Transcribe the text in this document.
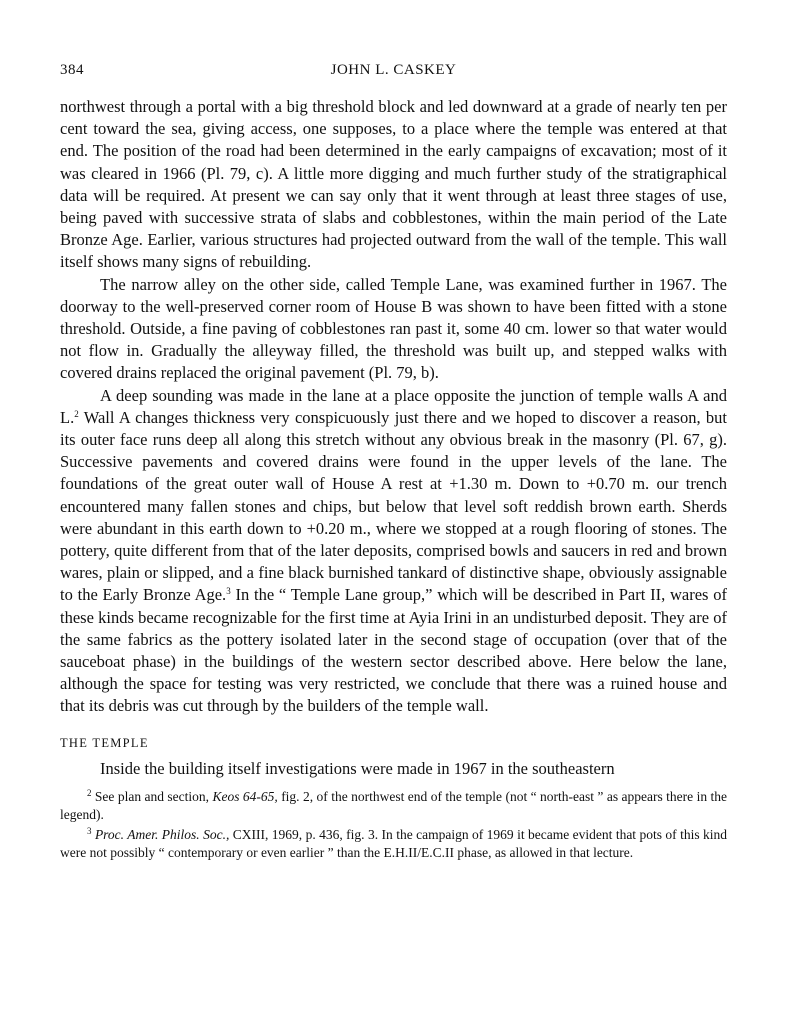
384	JOHN L. CASKEY

northwest through a portal with a big threshold block and led downward at a grade of nearly ten per cent toward the sea, giving access, one supposes, to a place where the temple was entered at that end. The position of the road had been determined in the early campaigns of excavation; most of it was cleared in 1966 (Pl. 79, c). A little more digging and much further study of the stratigraphical data will be required. At present we can say only that it went through at least three stages of use, being paved with successive strata of slabs and cobblestones, within the main period of the Late Bronze Age. Earlier, various structures had projected outward from the wall of the temple. This wall itself shows many signs of rebuilding.

The narrow alley on the other side, called Temple Lane, was examined further in 1967. The doorway to the well-preserved corner room of House B was shown to have been fitted with a stone threshold. Outside, a fine paving of cobblestones ran past it, some 40 cm. lower so that water would not flow in. Gradually the alleyway filled, the threshold was built up, and stepped walks with covered drains replaced the original pavement (Pl. 79, b).

A deep sounding was made in the lane at a place opposite the junction of temple walls A and L.$^2$ Wall A changes thickness very conspicuously just there and we hoped to discover a reason, but its outer face runs deep all along this stretch without any obvious break in the masonry (Pl. 67, g). Successive pavements and covered drains were found in the upper levels of the lane. The foundations of the great outer wall of House A rest at +1.30 m. Down to +0.70 m. our trench encountered many fallen stones and chips, but below that level soft reddish brown earth. Sherds were abundant in this earth down to +0.20 m., where we stopped at a rough flooring of stones. The pottery, quite different from that of the later deposits, comprised bowls and saucers in red and brown wares, plain or slipped, and a fine black burnished tankard of distinctive shape, obviously assignable to the Early Bronze Age.$^3$ In the “ Temple Lane group,” which will be described in Part II, wares of these kinds became recognizable for the first time at Ayia Irini in an undisturbed deposit. They are of the same fabrics as the pottery isolated later in the second stage of occupation (over that of the sauceboat phase) in the buildings of the western sector described above. Here below the lane, although the space for testing was very restricted, we conclude that there was a ruined house and that its debris was cut through by the builders of the temple wall.

THE TEMPLE
Inside the building itself investigations were made in 1967 in the southeastern

$^2$ See plan and section, Keos 64-65, fig. 2, of the northwest end of the temple (not “ north-east ” as appears there in the legend).

$^3$ Proc. Amer. Philos. Soc., CXIII, 1969, p. 436, fig. 3. In the campaign of 1969 it became evident that pots of this kind were not possibly “ contemporary or even earlier ” than the E.H.II/E.C.II phase, as allowed in that lecture.
